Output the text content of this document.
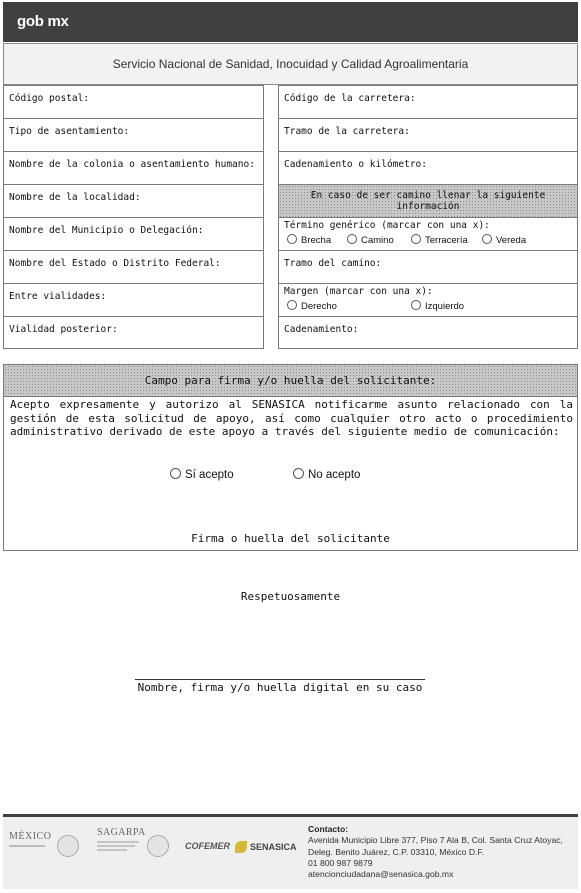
gob mx
Servicio Nacional de Sanidad, Inocuidad y Calidad Agroalimentaria
Código postal:
Tipo de asentamiento:
Nombre de la colonia o asentamiento humano:
Nombre de la localidad:
Nombre del Municipio o Delegación:
Nombre del Estado o Distrito Federal:
Entre vialidades:
Vialidad posterior:
Código de la carretera:
Tramo de la carretera:
Cadenamiento o kilómetro:
En caso de ser camino llenar la siguiente información
Término genérico (marcar con una x):
Brecha	Camino	Terracería	Vereda
Tramo del camino:
Margen (marcar con una x):
Derecho	Izquierdo
Cadenamiento:
Campo para firma y/o huella del solicitante:
Acepto expresamente y autorizo al SENASICA notificarme asunto relacionado con la gestión de esta solicitud de apoyo, así como cualquier otro acto o procedimiento administrativo derivado de este apoyo a través del siguiente medio de comunicación:
Sí acepto	No acepto
Firma o huella del solicitante
Respetuosamente
Nombre, firma y/o huella digital en su caso
MÉXICO	SAGARPA
COFEMER SENASICA
Contacto:
Avenida Municipio Libre 377, Piso 7 Ala B, Col. Santa Cruz Atoyac,
Deleg. Benito Juárez, C.P. 03310, México D.F.
01 800 987 9879
atencionciudadana@senasica.gob.mx
